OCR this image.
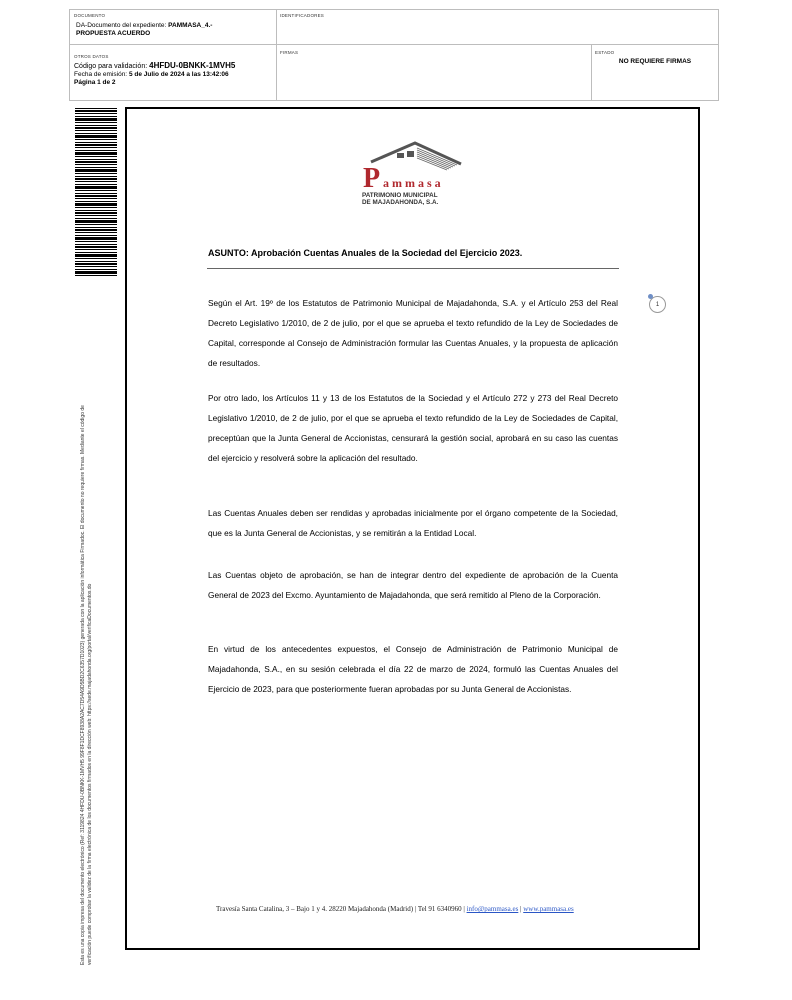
DOCUMENTO
DA-Documento del expediente: PAMMASA_4.-
PROPUESTA ACUERDO
IDENTIFICADORES
OTROS DATOS
Código para validación: 4HFDU-0BNKK-1MVH5
Fecha de emisión: 5 de Julio de 2024 a las 13:42:06
Página 1 de 2
FIRMAS	ESTADO
NO REQUIERE FIRMAS
Esta es una copia impresa del documento electrónico (Ref: 3119824 4HFDU-0BNKK-1MVH5 99F8F1DCF8938A2AC7D54A9D5BD2C6357D1023) generada con la aplicación informática Firmadoc. El documento no requiere firmas. Mediante el código de verificación puede comprobar la validez de la firma electrónica de los documentos firmados en la dirección web: https://sede.majadahonda.org/portal/verificaDocumentos.do
P ammasa
PATRIMONIO MUNICIPAL
DE MAJADAHONDA, S.A.
ASUNTO: Aprobación Cuentas Anuales de la Sociedad del Ejercicio 2023.
1
Según el Art. 19º de los Estatutos de Patrimonio Municipal de Majadahonda, S.A. y el Artículo 253 del Real Decreto Legislativo 1/2010, de 2 de julio, por el que se aprueba el texto refundido de la Ley de Sociedades de Capital, corresponde al Consejo de Administración formular las Cuentas Anuales, y la propuesta de aplicación de resultados.
Por otro lado, los Artículos 11 y 13 de los Estatutos de la Sociedad y el Artículo 272 y 273 del Real Decreto Legislativo 1/2010, de 2 de julio, por el que se aprueba el texto refundido de la Ley de Sociedades de Capital, preceptúan que la Junta General de Accionistas, censurará la gestión social, aprobará en su caso las cuentas del ejercicio y resolverá sobre la aplicación del resultado.
Las Cuentas Anuales deben ser rendidas y aprobadas inicialmente por el órgano competente de la Sociedad, que es la Junta General de Accionistas, y se remitirán a la Entidad Local.
Las Cuentas objeto de aprobación, se han de integrar dentro del expediente de aprobación de la Cuenta General de 2023 del Excmo. Ayuntamiento de Majadahonda, que será remitido al Pleno de la Corporación.
En virtud de los antecedentes expuestos, el Consejo de Administración de Patrimonio Municipal de Majadahonda, S.A., en su sesión celebrada el día 22 de marzo de 2024, formuló las Cuentas Anuales del Ejercicio de 2023, para que posteriormente fueran aprobadas por su Junta General de Accionistas.
Travesía Santa Catalina, 3 – Bajo 1 y 4. 28220 Majadahonda (Madrid) | Tel 91 6340960 | info@pammasa.es | www.pammasa.es
